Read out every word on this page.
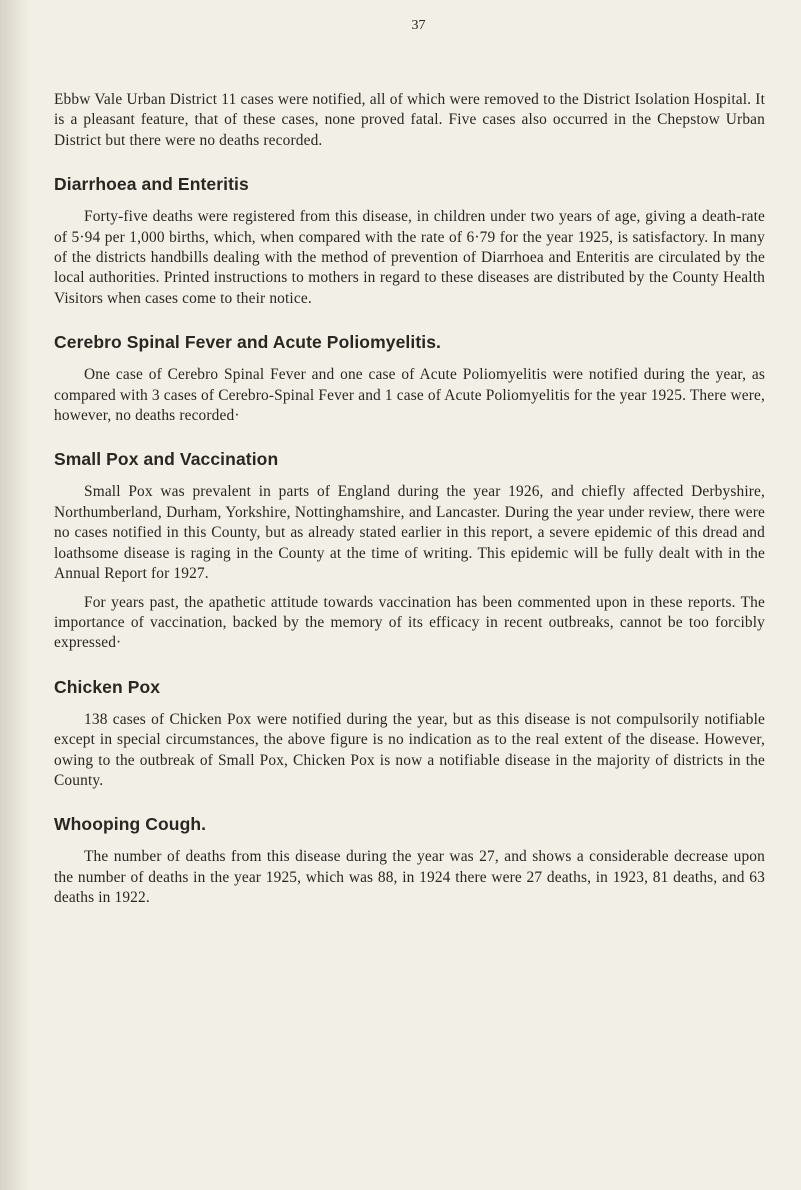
37

Ebbw Vale Urban District 11 cases were notified, all of which were removed to the District Isolation Hospital. It is a pleasant feature, that of these cases, none proved fatal. Five cases also occurred in the Chepstow Urban District but there were no deaths recorded.

Diarrhoea and Enteritis

Forty-five deaths were registered from this disease, in children under two years of age, giving a death-rate of 5·94 per 1,000 births, which, when compared with the rate of 6·79 for the year 1925, is satisfactory. In many of the districts handbills dealing with the method of prevention of Diarrhoea and Enteritis are circulated by the local authorities. Printed instructions to mothers in regard to these diseases are distributed by the County Health Visitors when cases come to their notice.

Cerebro Spinal Fever and Acute Poliomyelitis.

One case of Cerebro Spinal Fever and one case of Acute Poliomyelitis were notified during the year, as compared with 3 cases of Cerebro-Spinal Fever and 1 case of Acute Poliomyelitis for the year 1925. There were, however, no deaths recorded·

Small Pox and Vaccination

Small Pox was prevalent in parts of England during the year 1926, and chiefly affected Derbyshire, Northumberland, Durham, Yorkshire, Nottinghamshire, and Lancaster. During the year under review, there were no cases notified in this County, but as already stated earlier in this report, a severe epidemic of this dread and loathsome disease is raging in the County at the time of writing. This epidemic will be fully dealt with in the Annual Report for 1927.

For years past, the apathetic attitude towards vaccination has been commented upon in these reports. The importance of vaccination, backed by the memory of its efficacy in recent outbreaks, cannot be too forcibly expressed·

Chicken Pox

138 cases of Chicken Pox were notified during the year, but as this disease is not compulsorily notifiable except in special circumstances, the above figure is no indication as to the real extent of the disease. However, owing to the outbreak of Small Pox, Chicken Pox is now a notifiable disease in the majority of districts in the County.

Whooping Cough.

The number of deaths from this disease during the year was 27, and shows a considerable decrease upon the number of deaths in the year 1925, which was 88, in 1924 there were 27 deaths, in 1923, 81 deaths, and 63 deaths in 1922.
